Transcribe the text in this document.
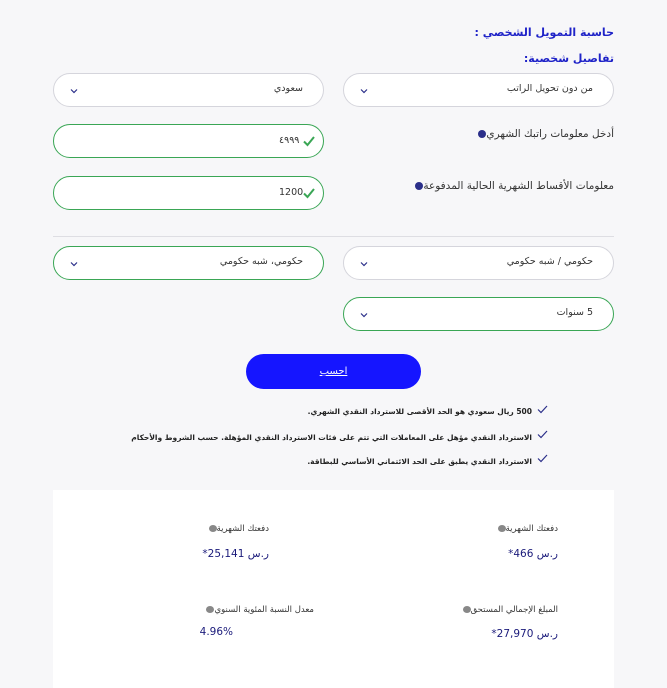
حاسبة التمويل الشخصي :
تفاصيل شخصية:
من دون تحويل الراتب
سعودي
أدخل معلومات راتبك الشهري
٤٩٩٩
معلومات الأقساط الشهرية الحالية المدفوعة
1200
حكومي / شبه حكومي
حكومي، شبه حكومي
5 سنوات
احسب
500 ريال سعودي هو الحد الأقصى للاسترداد النقدي الشهري.
الاسترداد النقدي مؤهل على المعاملات التي تتم على فئات الاسترداد النقدي المؤهلة. حسب الشروط والأحكام
الاسترداد النقدي يطبق على الحد الائتماني الأساسي للبطاقة.
دفعتك الشهرية
ر.س 466*
دفعتك الشهرية
ر.س 25,141*
المبلغ الإجمالي المستحق
ر.س 27,970*
معدل النسبة المئوية السنوي
4.96%
